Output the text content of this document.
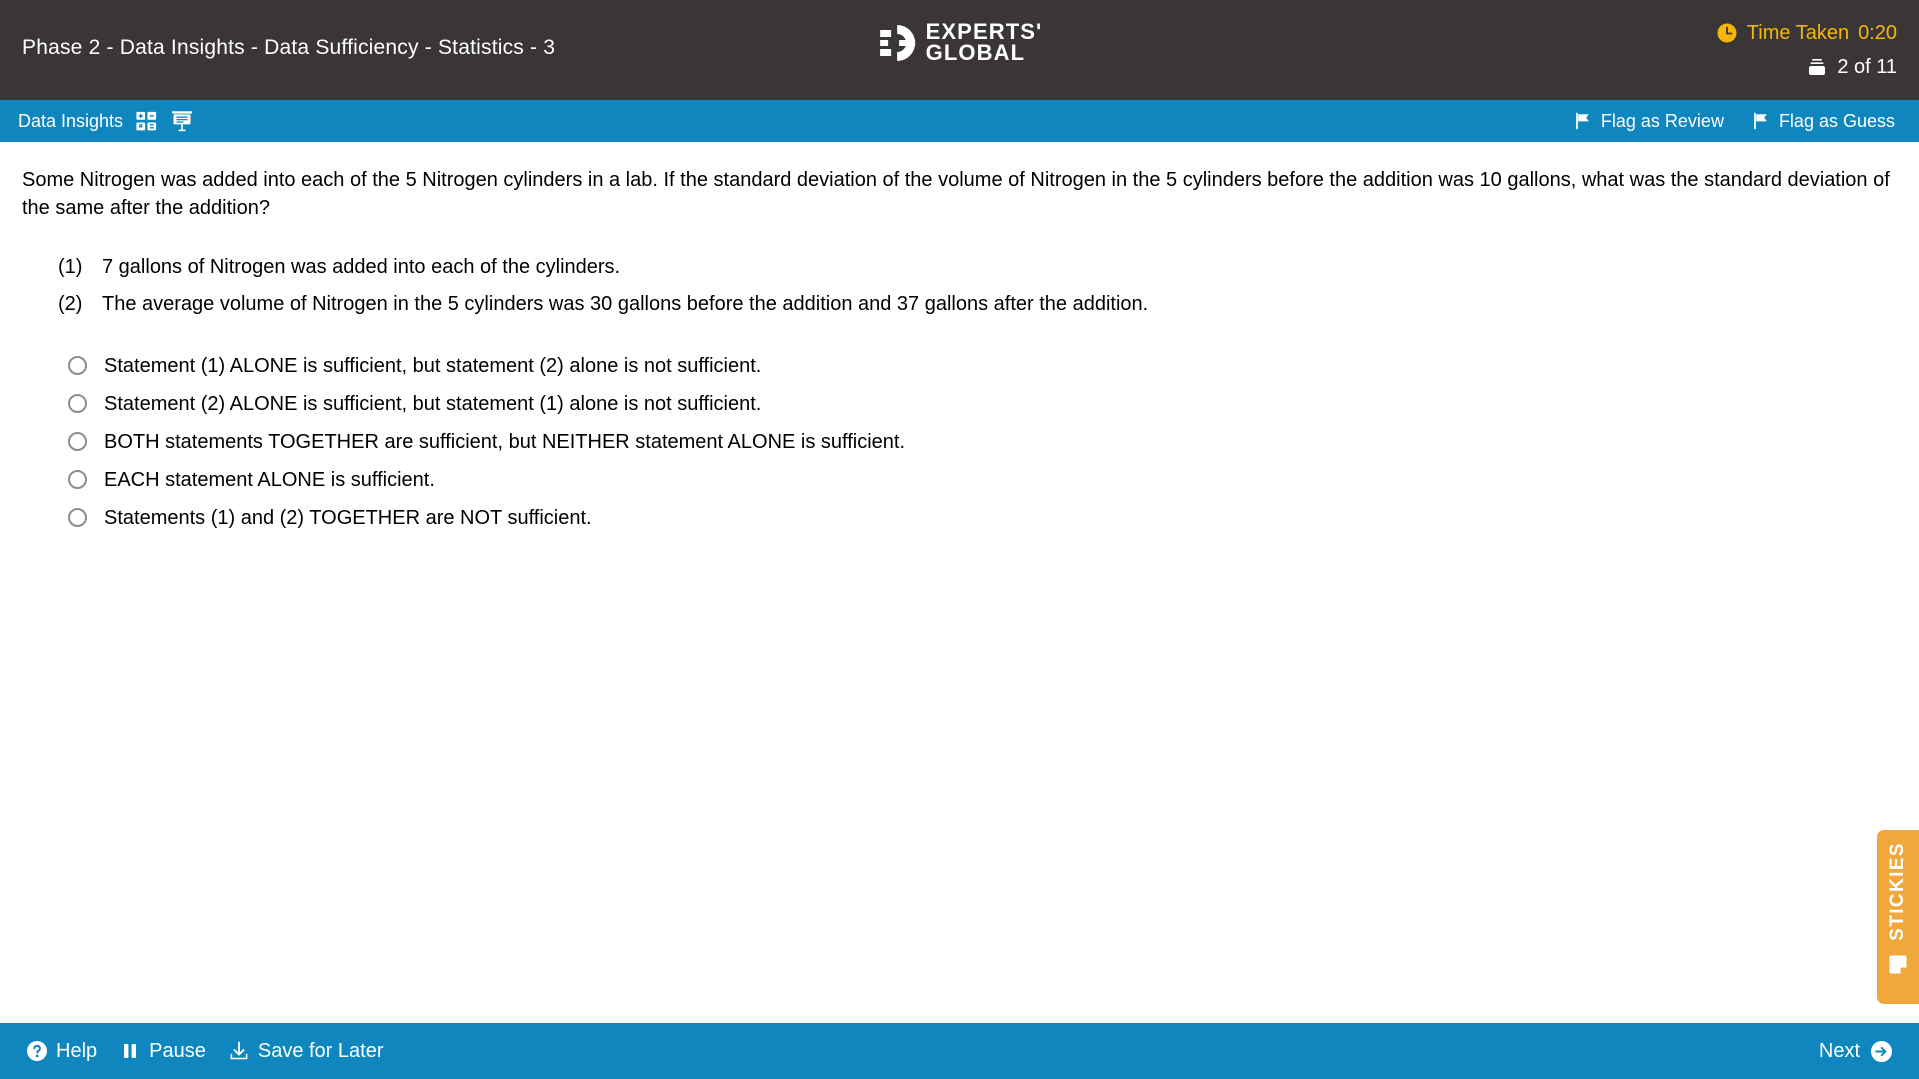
Phase 2 - Data Insights - Data Sufficiency - Statistics - 3
EXPERTS'
GLOBAL
Time Taken 0:20
2 of 11
Data Insights	Flag as Review	Flag as Guess
Some Nitrogen was added into each of the 5 Nitrogen cylinders in a lab. If the standard deviation of the volume of Nitrogen in the 5 cylinders before the addition was 10 gallons, what was the standard deviation of the same after the addition?
(1) 7 gallons of Nitrogen was added into each of the cylinders.
(2) The average volume of Nitrogen in the 5 cylinders was 30 gallons before the addition and 37 gallons after the addition.
Statement (1) ALONE is sufficient, but statement (2) alone is not sufficient.
Statement (2) ALONE is sufficient, but statement (1) alone is not sufficient.
BOTH statements TOGETHER are sufficient, but NEITHER statement ALONE is sufficient.
EACH statement ALONE is sufficient.
Statements (1) and (2) TOGETHER are NOT sufficient.
STICKIES
Help	Pause	Save for Later	Next
